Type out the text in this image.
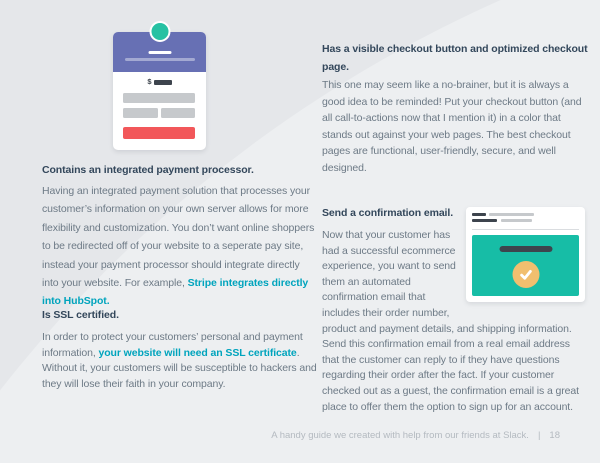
$
Contains an integrated payment processor.

Having an integrated payment solution that processes your customer’s information on your own server allows for more flexibility and customization. You don’t want online shoppers to be redirected off of your website to a seperate pay site, instead your payment processor should integrate directly into your website. For example, Stripe integrates directly into HubSpot.

Is SSL certified.

In order to protect your customers’ personal and payment information, your website will need an SSL certificate. Without it, your customers will be susceptible to hackers and they will lose their faith in your company.

Has a visible checkout button and optimized checkout page.

This one may seem like a no-brainer, but it is always a good idea to be reminded! Put your checkout button (and all call-to-actions now that I mention it) in a color that stands out against your web pages. The best checkout pages are functional, user-friendly, secure, and well designed.

Send a confirmation email.

Now that your customer has had a successful ecommerce experience, you want to send them an automated confirmation email that includes their order number,

product and payment details, and shipping information. Send this confirmation email from a real email address that the customer can reply to if they have questions regarding their order after the fact. If your customer checked out as a guest, the confirmation email is a great place to offer them the option to sign up for an account.

A handy guide we created with help from our friends at Slack. | 18
